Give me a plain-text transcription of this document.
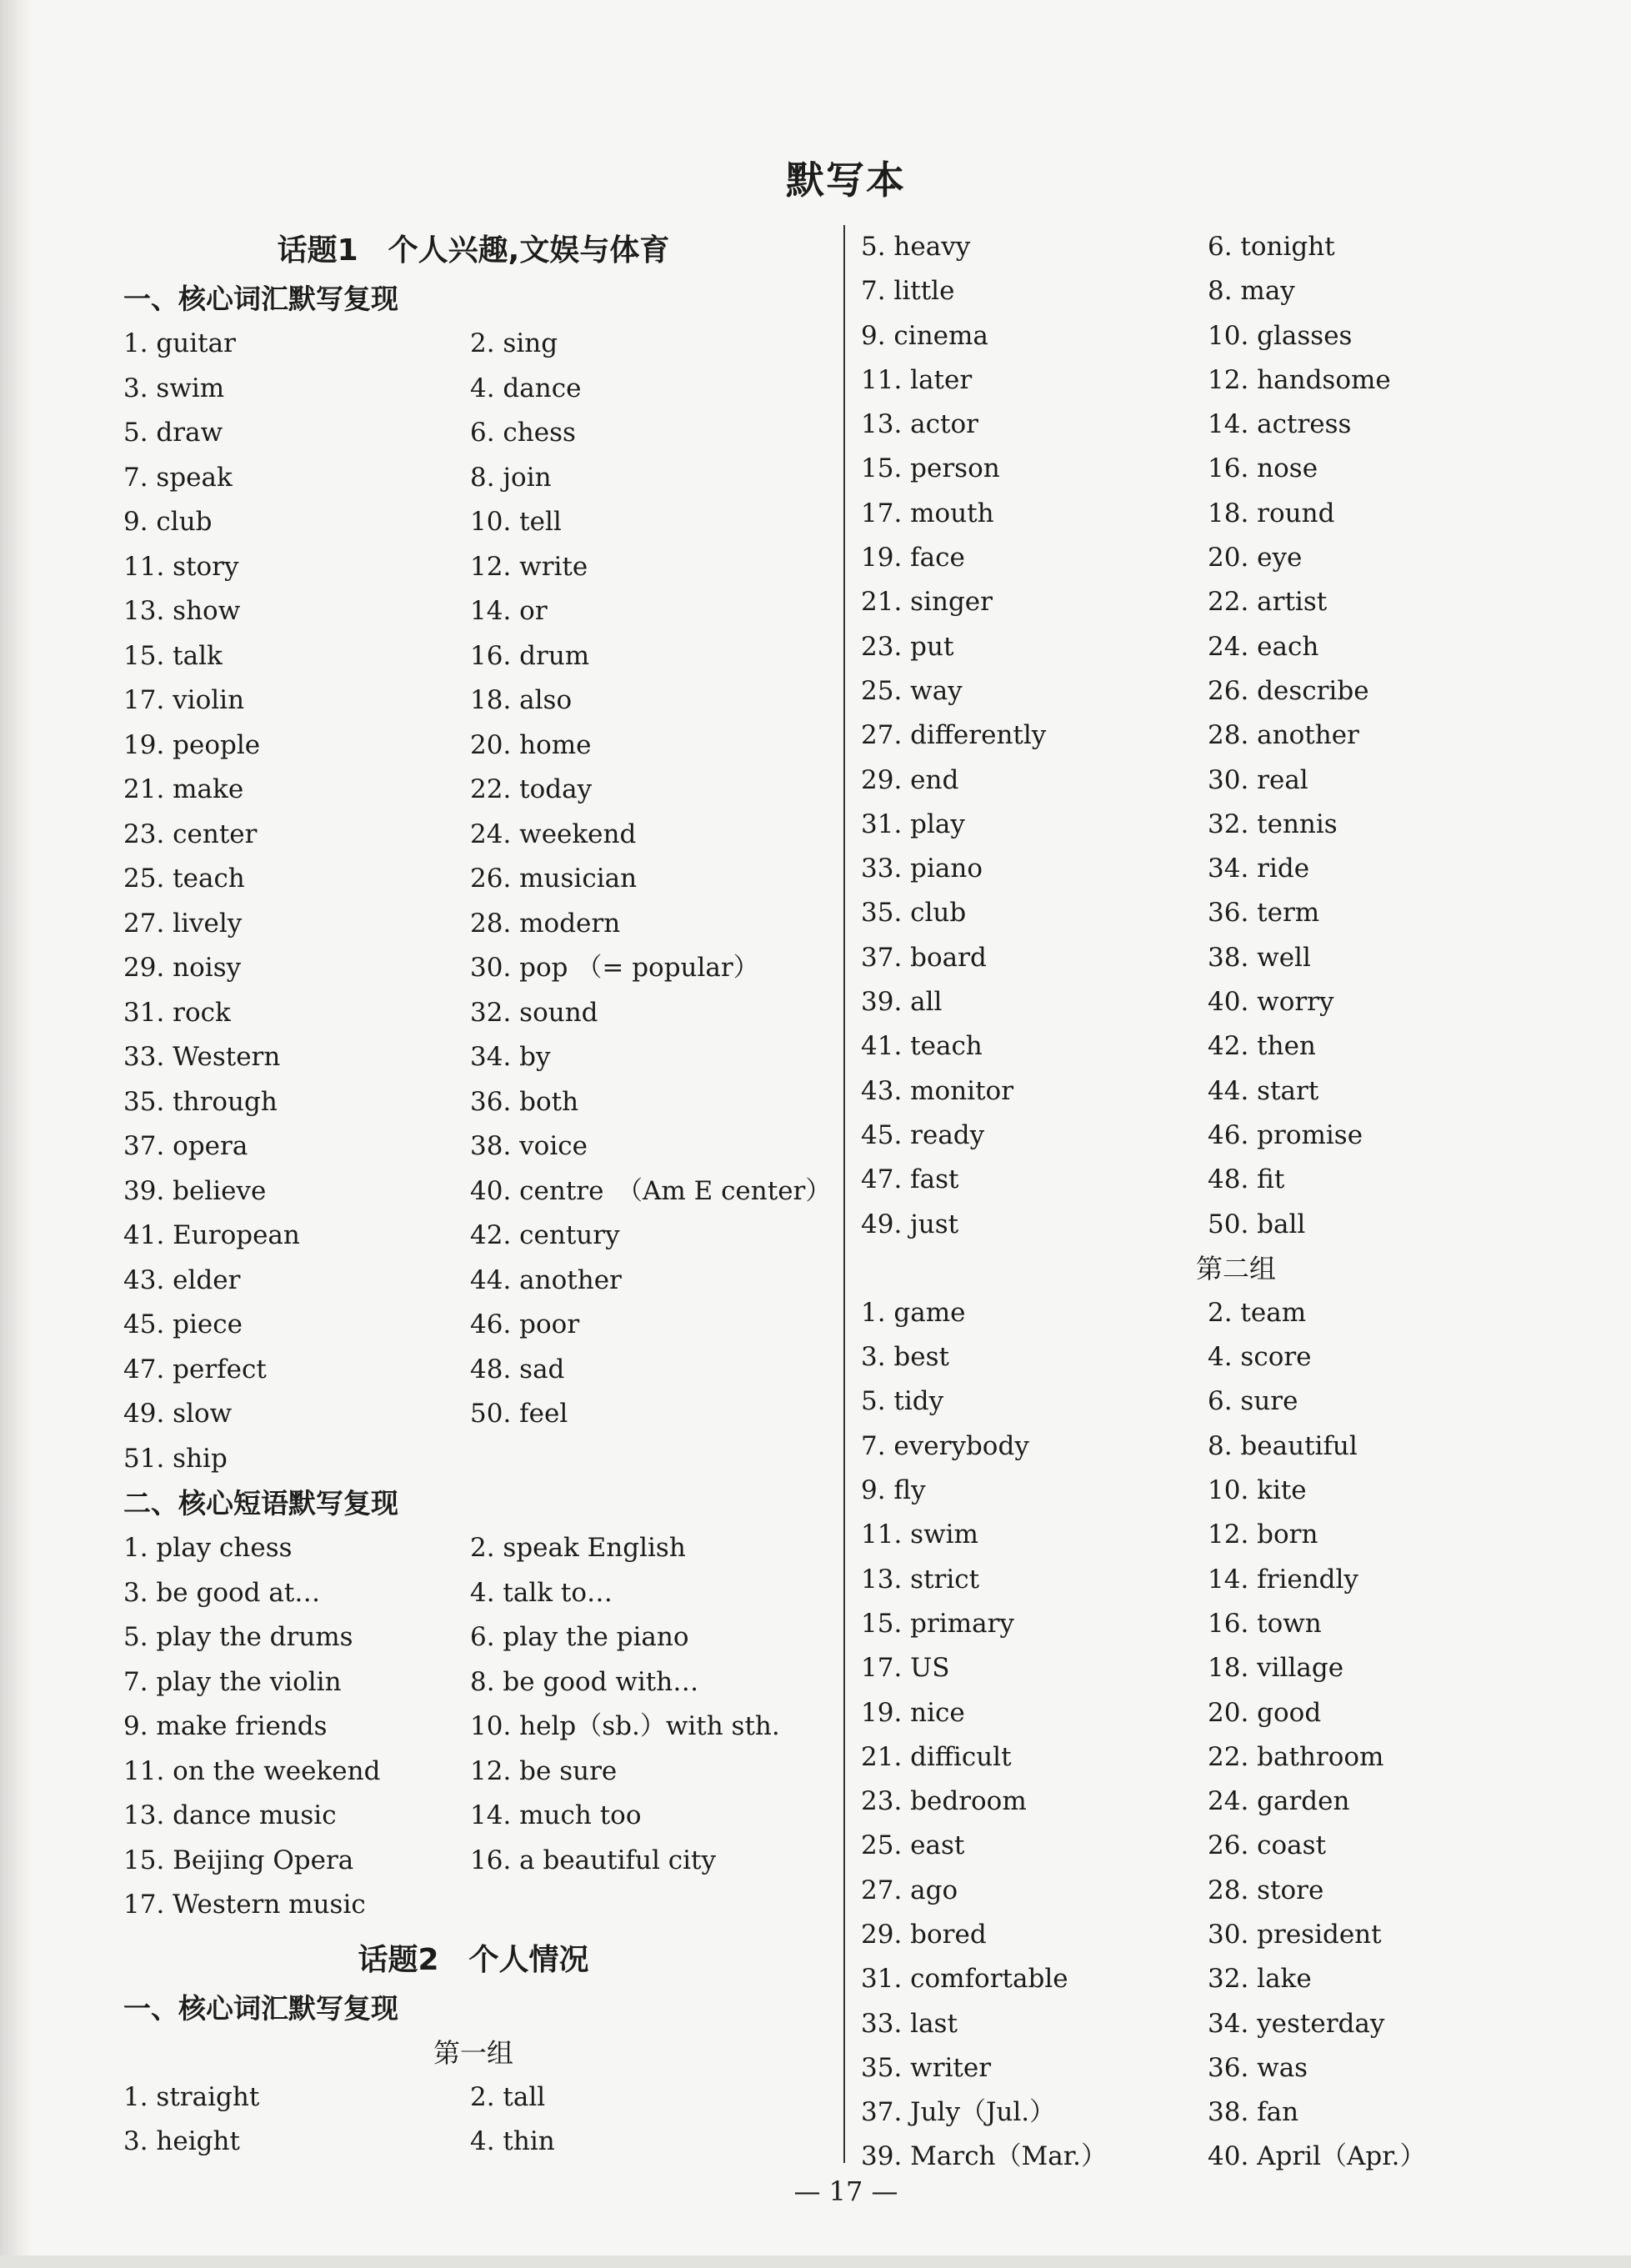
默写本
话题1　个人兴趣,文娱与体育
一、核心词汇默写复现
1. guitar	2. sing
3. swim	4. dance
5. draw	6. chess
7. speak	8. join
9. club	10. tell
11. story	12. write
13. show	14. or
15. talk	16. drum
17. violin	18. also
19. people	20. home
21. make	22. today
23. center	24. weekend
25. teach	26. musician
27. lively	28. modern
29. noisy	30. pop （= popular）
31. rock	32. sound
33. Western	34. by
35. through	36. both
37. opera	38. voice
39. believe	40. centre　（Am E center）
41. European	42. century
43. elder	44. another
45. piece	46. poor
47. perfect	48. sad
49. slow	50. feel
51. ship
二、核心短语默写复现
1. play chess	2. speak English
3. be good at…	4. talk to…
5. play the drums	6. play the piano
7. play the violin	8. be good with…
9. make friends	10. help（sb.）with sth.
11. on the weekend	12. be sure
13. dance music	14. much too
15. Beijing Opera	16. a beautiful city
17. Western music
话题2　个人情况
一、核心词汇默写复现
第一组
1. straight	2. tall
3. height	4. thin
5. heavy	6. tonight
7. little	8. may
9. cinema	10. glasses
11. later	12. handsome
13. actor	14. actress
15. person	16. nose
17. mouth	18. round
19. face	20. eye
21. singer	22. artist
23. put	24. each
25. way	26. describe
27. differently	28. another
29. end	30. real
31. play	32. tennis
33. piano	34. ride
35. club	36. term
37. board	38. well
39. all	40. worry
41. teach	42. then
43. monitor	44. start
45. ready	46. promise
47. fast	48. fit
49. just	50. ball
第二组
1. game	2. team
3. best	4. score
5. tidy	6. sure
7. everybody	8. beautiful
9. fly	10. kite
11. swim	12. born
13. strict	14. friendly
15. primary	16. town
17. US	18. village
19. nice	20. good
21. difficult	22. bathroom
23. bedroom	24. garden
25. east	26. coast
27. ago	28. store
29. bored	30. president
31. comfortable	32. lake
33. last	34. yesterday
35. writer	36. was
37. July（Jul.）	38. fan
39. March（Mar.）	40. April（Apr.）
— 17 —
